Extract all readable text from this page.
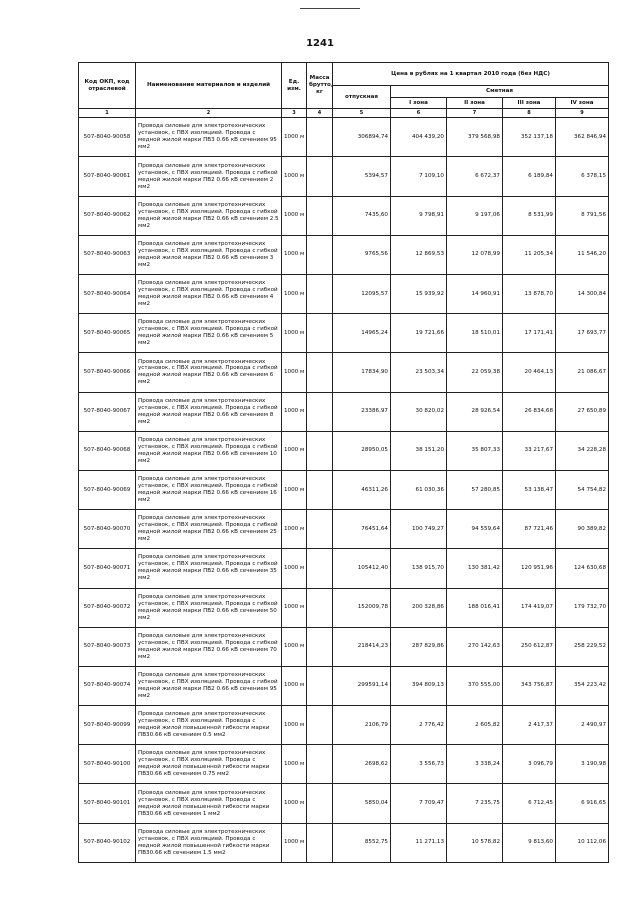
1241
Код ОКП, код отраслевой	Наименование материалов и изделий	Ед. изм.	Масса брутто, кг	Цена в рублях на 1 квартал 2010 года (без НДС)				
				отпускная	Сметная			
					I зона	II зона	III зона	IV зона
1	2	3	4	5	6	7	8	9
507-8040-90058	Провода силовые для электротехнических установок, с ПВХ изоляцией. Провода с медной жилой марки ПВ3 0.66 кВ сечением 95 мм2	1000 м		306894,74	404 439,20	379 568,98	352 137,18	362 846,94
507-8040-90061	Провода силовые для электротехнических установок, с ПВХ изоляцией. Провода с гибкой медной жилой марки ПВ2 0.66 кВ сечением 2 мм2	1000 м		5394,57	7 109,10	6 672,37	6 189,84	6 378,15
507-8040-90062	Провода силовые для электротехнических установок, с ПВХ изоляцией. Провода с гибкой медной жилой марки ПВ2 0.66 кВ сечением 2.5 мм2	1000 м		7435,60	9 798,91	9 197,06	8 531,99	8 791,56
507-8040-90063	Провода силовые для электротехнических установок, с ПВХ изоляцией. Провода с гибкой медной жилой марки ПВ2 0.66 кВ сечением 3 мм2	1000 м		9765,56	12 869,53	12 078,99	11 205,34	11 546,20
507-8040-90064	Провода силовые для электротехнических установок, с ПВХ изоляцией. Провода с гибкой медной жилой марки ПВ2 0.66 кВ сечением 4 мм2	1000 м		12095,57	15 939,92	14 960,91	13 878,70	14 300,84
507-8040-90065	Провода силовые для электротехнических установок, с ПВХ изоляцией. Провода с гибкой медной жилой марки ПВ2 0.66 кВ сечением 5 мм2	1000 м		14965,24	19 721,66	18 510,01	17 171,41	17 693,77
507-8040-90066	Провода силовые для электротехнических установок, с ПВХ изоляцией. Провода с гибкой медной жилой марки ПВ2 0.66 кВ сечением 6 мм2	1000 м		17834,90	23 503,34	22 059,38	20 464,13	21 086,67
507-8040-90067	Провода силовые для электротехнических установок, с ПВХ изоляцией. Провода с гибкой медной жилой марки ПВ2 0.66 кВ сечением 8 мм2	1000 м		23386,97	30 820,02	28 926,54	26 834,68	27 650,89
507-8040-90068	Провода силовые для электротехнических установок, с ПВХ изоляцией. Провода с гибкой медной жилой марки ПВ2 0.66 кВ сечением 10 мм2	1000 м		28950,05	38 151,20	35 807,33	33 217,67	34 228,28
507-8040-90069	Провода силовые для электротехнических установок, с ПВХ изоляцией. Провода с гибкой медной жилой марки ПВ2 0.66 кВ сечением 16 мм2	1000 м		46311,26	61 030,36	57 280,85	53 138,47	54 754,82
507-8040-90070	Провода силовые для электротехнических установок, с ПВХ изоляцией. Провода с гибкой медной жилой марки ПВ2 0.66 кВ сечением 25 мм2	1000 м		76451,64	100 749,27	94 559,64	87 721,46	90 389,82
507-8040-90071	Провода силовые для электротехнических установок, с ПВХ изоляцией. Провода с гибкой медной жилой марки ПВ2 0.66 кВ сечением 35 мм2	1000 м		105412,40	138 915,70	130 381,42	120 951,96	124 630,68
507-8040-90072	Провода силовые для электротехнических установок, с ПВХ изоляцией. Провода с гибкой медной жилой марки ПВ2 0.66 кВ сечением 50 мм2	1000 м		152009,78	200 328,86	188 016,41	174 419,07	179 732,70
507-8040-90073	Провода силовые для электротехнических установок, с ПВХ изоляцией. Провода с гибкой медной жилой марки ПВ2 0.66 кВ сечением 70 мм2	1000 м		218414,23	287 829,86	270 142,63	250 612,87	258 229,52
507-8040-90074	Провода силовые для электротехнических установок, с ПВХ изоляцией. Провода с гибкой медной жилой марки ПВ2 0.66 кВ сечением 95 мм2	1000 м		299591,14	394 809,13	370 555,00	343 756,87	354 223,42
507-8040-90099	Провода силовые для электротехнических установок, с ПВХ изоляцией. Провода с медной жилой повышенной гибкости марки ПВ30.66 кВ сечением 0.5 мм2	1000 м		2106,79	2 776,42	2 605,82	2 417,37	2 490,97
507-8040-90100	Провода силовые для электротехнических установок, с ПВХ изоляцией. Провода с медной жилой повышенной гибкости марки ПВ30.66 кВ сечением 0.75 мм2	1000 м		2698,62	3 556,73	3 338,24	3 096,79	3 190,98
507-8040-90101	Провода силовые для электротехнических установок, с ПВХ изоляцией. Провода с медной жилой повышенной гибкости марки ПВ30.66 кВ сечением 1 мм2	1000 м		5850,04	7 709,47	7 235,75	6 712,45	6 916,65
507-8040-90102	Провода силовые для электротехнических установок, с ПВХ изоляцией. Провода с медной жилой повышенной гибкости марки ПВ30.66 кВ сечением 1.5 мм2	1000 м		8552,75	11 271,13	10 578,82	9 813,60	10 112,06
